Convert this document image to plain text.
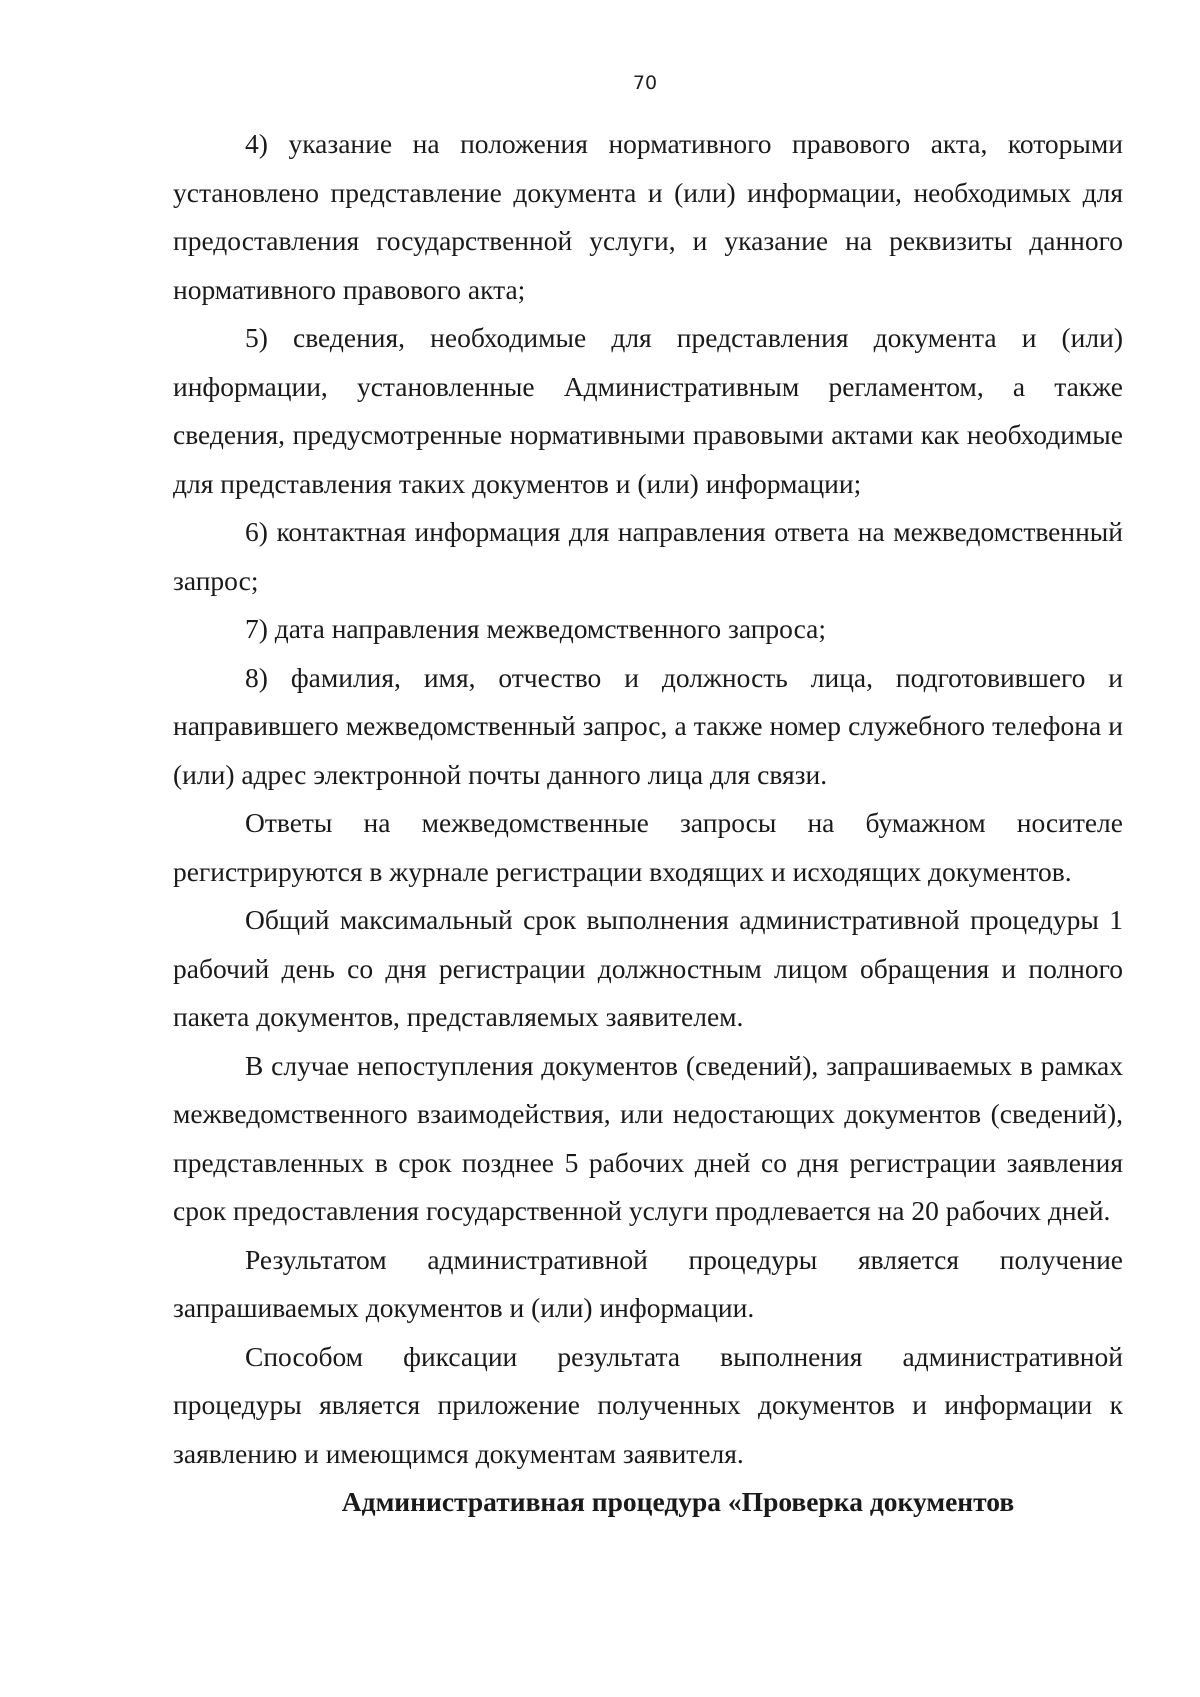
70

4) указание на положения нормативного правового акта, которыми установлено представление документа и (или) информации, необходимых для предоставления государственной услуги, и указание на реквизиты данного нормативного правового акта;

5) сведения, необходимые для представления документа и (или) информации, установленные Административным регламентом, а также сведения, предусмотренные нормативными правовыми актами как необходимые для представления таких документов и (или) информации;

6) контактная информация для направления ответа на межведомственный запрос;

7) дата направления межведомственного запроса;

8) фамилия, имя, отчество и должность лица, подготовившего и направившего межведомственный запрос, а также номер служебного телефона и (или) адрес электронной почты данного лица для связи.

Ответы на межведомственные запросы на бумажном носителе регистрируются в журнале регистрации входящих и исходящих документов.

Общий максимальный срок выполнения административной процедуры 1 рабочий день со дня регистрации должностным лицом обращения и полного пакета документов, представляемых заявителем.

В случае непоступления документов (сведений), запрашиваемых в рамках межведомственного взаимодействия, или недостающих документов (сведений), представленных в срок позднее 5 рабочих дней со дня регистрации заявления срок предоставления государственной услуги продлевается на 20 рабочих дней.

Результатом административной процедуры является получение запрашиваемых документов и (или) информации.

Способом фиксации результата выполнения административной процедуры является приложение полученных документов и информации к заявлению и имеющимся документам заявителя.

Административная процедура «Проверка документов
